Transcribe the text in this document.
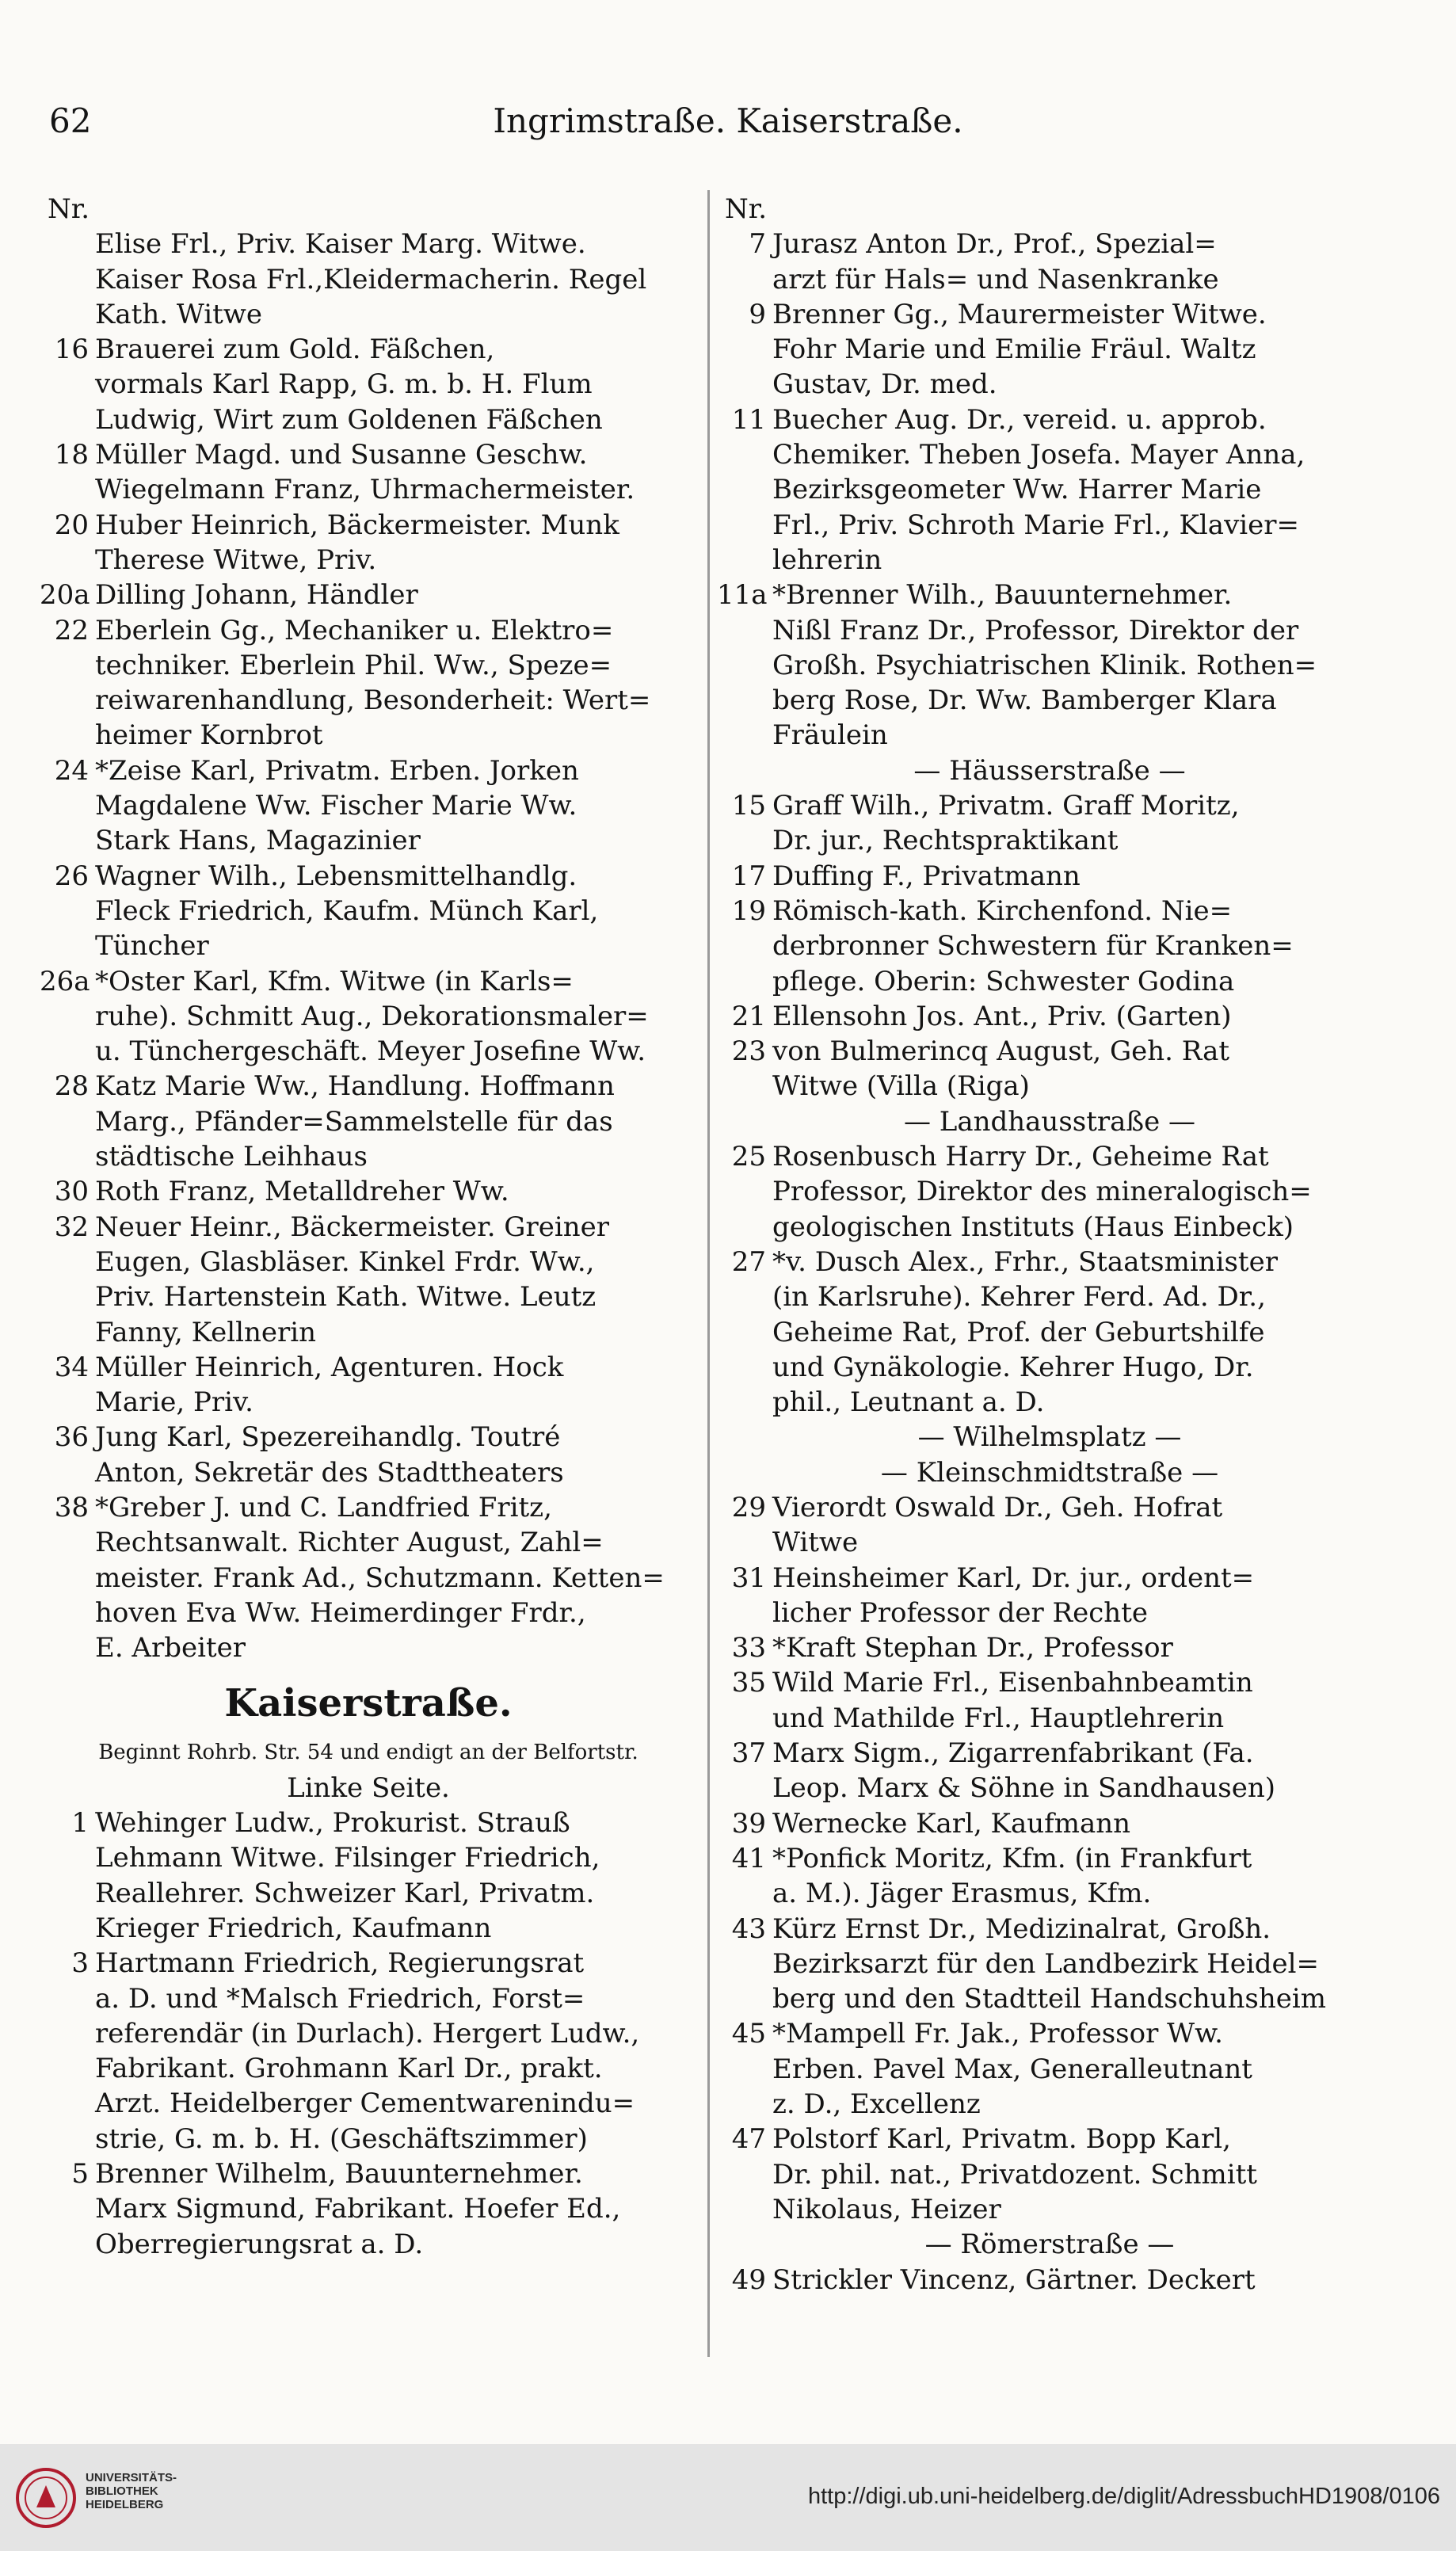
62	Ingrimstraße. Kaiserstraße.
Nr.
Elise Frl., Priv. Kaiser Marg. Witwe.
Kaiser Rosa Frl.,Kleidermacherin. Regel
Kath. Witwe
16 Brauerei zum Gold. Fäßchen,
vormals Karl Rapp, G. m. b. H. Flum
Ludwig, Wirt zum Goldenen Fäßchen
18 Müller Magd. und Susanne Geschw.
Wiegelmann Franz, Uhrmachermeister.
20 Huber Heinrich, Bäckermeister. Munk
Therese Witwe, Priv.
20a Dilling Johann, Händler
22 Eberlein Gg., Mechaniker u. Elektro=
techniker. Eberlein Phil. Ww., Speze=
reiwarenhandlung, Besonderheit: Wert=
heimer Kornbrot
24 *Zeise Karl, Privatm. Erben. Jorken
Magdalene Ww. Fischer Marie Ww.
Stark Hans, Magazinier
26 Wagner Wilh., Lebensmittelhandlg.
Fleck Friedrich, Kaufm. Münch Karl,
Tüncher
26a *Oster Karl, Kfm. Witwe (in Karls=
ruhe). Schmitt Aug., Dekorationsmaler=
u. Tünchergeschäft. Meyer Josefine Ww.
28 Katz Marie Ww., Handlung. Hoffmann
Marg., Pfänder=Sammelstelle für das
städtische Leihhaus
30 Roth Franz, Metalldreher Ww.
32 Neuer Heinr., Bäckermeister. Greiner
Eugen, Glasbläser. Kinkel Frdr. Ww.,
Priv. Hartenstein Kath. Witwe. Leutz
Fanny, Kellnerin
34 Müller Heinrich, Agenturen. Hock
Marie, Priv.
36 Jung Karl, Spezereihandlg. Toutré
Anton, Sekretär des Stadttheaters
38 *Greber J. und C. Landfried Fritz,
Rechtsanwalt. Richter August, Zahl=
meister. Frank Ad., Schutzmann. Ketten=
hoven Eva Ww. Heimerdinger Frdr.,
E. Arbeiter
Kaiserstraße.
Beginnt Rohrb. Str. 54 und endigt an der Belfortstr.
Linke Seite.
1 Wehinger Ludw., Prokurist. Strauß
Lehmann Witwe. Filsinger Friedrich,
Reallehrer. Schweizer Karl, Privatm.
Krieger Friedrich, Kaufmann
3 Hartmann Friedrich, Regierungsrat
a. D. und *Malsch Friedrich, Forst=
referendär (in Durlach). Hergert Ludw.,
Fabrikant. Grohmann Karl Dr., prakt.
Arzt. Heidelberger Cementwarenindu=
strie, G. m. b. H. (Geschäftszimmer)
5 Brenner Wilhelm, Bauunternehmer.
Marx Sigmund, Fabrikant. Hoefer Ed.,
Oberregierungsrat a. D.
Nr.
7 Jurasz Anton Dr., Prof., Spezial=
arzt für Hals= und Nasenkranke
9 Brenner Gg., Maurermeister Witwe.
Fohr Marie und Emilie Fräul. Waltz
Gustav, Dr. med.
11 Buecher Aug. Dr., vereid. u. approb.
Chemiker. Theben Josefa. Mayer Anna,
Bezirksgeometer Ww. Harrer Marie
Frl., Priv. Schroth Marie Frl., Klavier=
lehrerin
11a *Brenner Wilh., Bauunternehmer.
Nißl Franz Dr., Professor, Direktor der
Großh. Psychiatrischen Klinik. Rothen=
berg Rose, Dr. Ww. Bamberger Klara
Fräulein
— Häusserstraße —
15 Graff Wilh., Privatm. Graff Moritz,
Dr. jur., Rechtspraktikant
17 Duffing F., Privatmann
19 Römisch-kath. Kirchenfond. Nie=
derbronner Schwestern für Kranken=
pflege. Oberin: Schwester Godina
21 Ellensohn Jos. Ant., Priv. (Garten)
23 von Bulmerincq August, Geh. Rat
Witwe (Villa (Riga)
— Landhausstraße —
25 Rosenbusch Harry Dr., Geheime Rat
Professor, Direktor des mineralogisch=
geologischen Instituts (Haus Einbeck)
27 *v. Dusch Alex., Frhr., Staatsminister
(in Karlsruhe). Kehrer Ferd. Ad. Dr.,
Geheime Rat, Prof. der Geburtshilfe
und Gynäkologie. Kehrer Hugo, Dr.
phil., Leutnant a. D.
— Wilhelmsplatz —
— Kleinschmidtstraße —
29 Vierordt Oswald Dr., Geh. Hofrat
Witwe
31 Heinsheimer Karl, Dr. jur., ordent=
licher Professor der Rechte
33 *Kraft Stephan Dr., Professor
35 Wild Marie Frl., Eisenbahnbeamtin
und Mathilde Frl., Hauptlehrerin
37 Marx Sigm., Zigarrenfabrikant (Fa.
Leop. Marx & Söhne in Sandhausen)
39 Wernecke Karl, Kaufmann
41 *Ponfick Moritz, Kfm. (in Frankfurt
a. M.). Jäger Erasmus, Kfm.
43 Kürz Ernst Dr., Medizinalrat, Großh.
Bezirksarzt für den Landbezirk Heidel=
berg und den Stadtteil Handschuhsheim
45 *Mampell Fr. Jak., Professor Ww.
Erben. Pavel Max, Generalleutnant
z. D., Excellenz
47 Polstorf Karl, Privatm. Bopp Karl,
Dr. phil. nat., Privatdozent. Schmitt
Nikolaus, Heizer
— Römerstraße —
49 Strickler Vincenz, Gärtner. Deckert
UNIVERSITÄTS-
BIBLIOTHEK
HEIDELBERG	http://digi.ub.uni-heidelberg.de/diglit/AdressbuchHD1908/0106
